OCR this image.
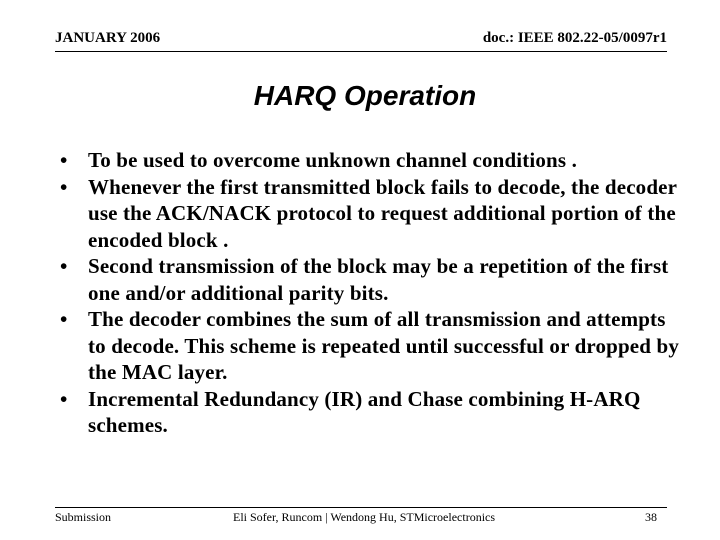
JANUARY 2006	doc.: IEEE 802.22-05/0097r1
HARQ Operation
• To be used to overcome unknown channel conditions .
• Whenever the first transmitted block fails to decode, the decoder use the ACK/NACK protocol to request additional portion of the encoded block .
• Second transmission of the block may be a repetition of the first one and/or additional parity bits.
• The decoder combines the sum of all transmission and attempts to decode. This scheme is repeated until successful or dropped by the MAC layer.
• Incremental Redundancy (IR) and Chase combining H-ARQ schemes.
Submission	Eli Sofer, Runcom | Wendong Hu, STMicroelectronics	38
